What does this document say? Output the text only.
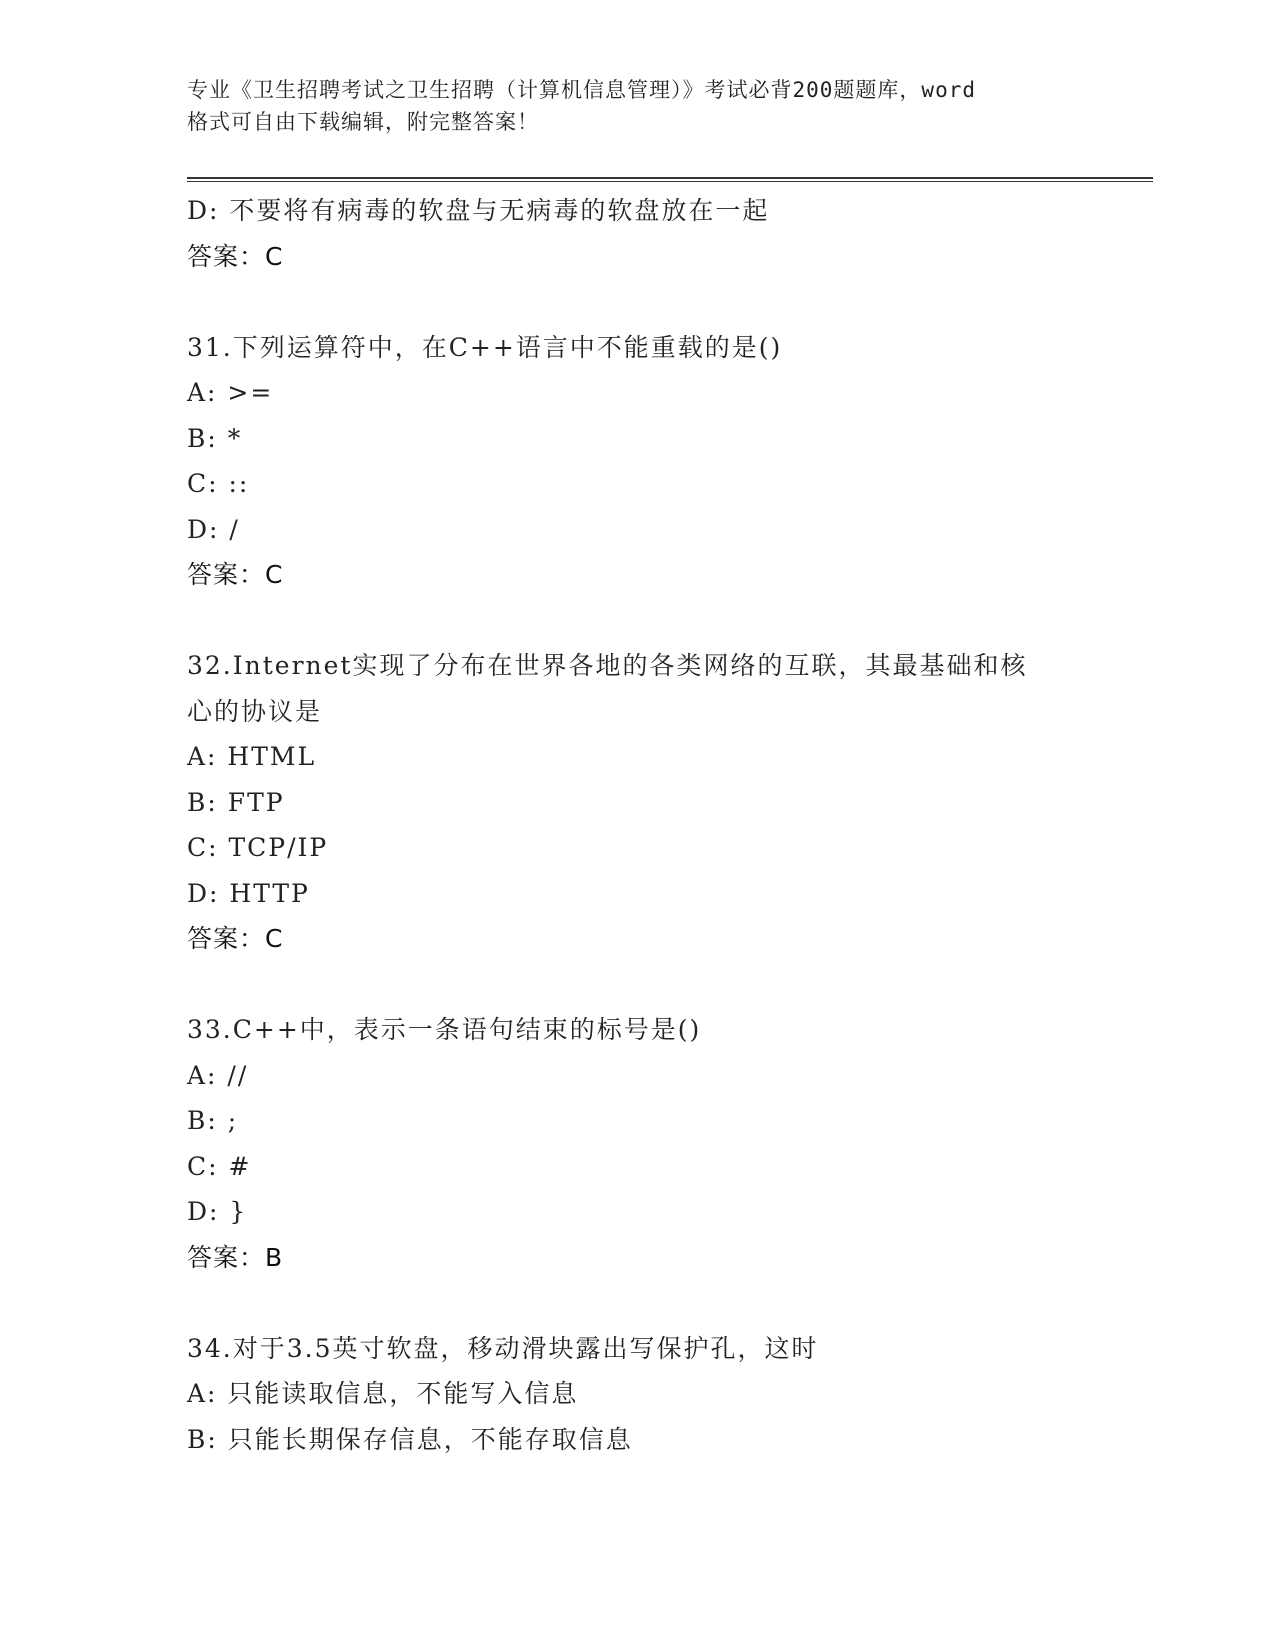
专业《卫生招聘考试之卫生招聘（计算机信息管理）》考试必背200题题库，word
格式可自由下载编辑，附完整答案！
D: 不要将有病毒的软盘与无病毒的软盘放在一起
答案：C
31.下列运算符中，在C++语言中不能重载的是()
A: >=
B: *
C: ::
D: /
答案：C
32.Internet实现了分布在世界各地的各类网络的互联，其最基础和核
心的协议是
A: HTML
B: FTP
C: TCP/IP
D: HTTP
答案：C
33.C++中，表示一条语句结束的标号是()
A: //
B: ;
C: #
D: }
答案：B
34.对于3.5英寸软盘，移动滑块露出写保护孔，这时
A: 只能读取信息，不能写入信息
B: 只能长期保存信息，不能存取信息
